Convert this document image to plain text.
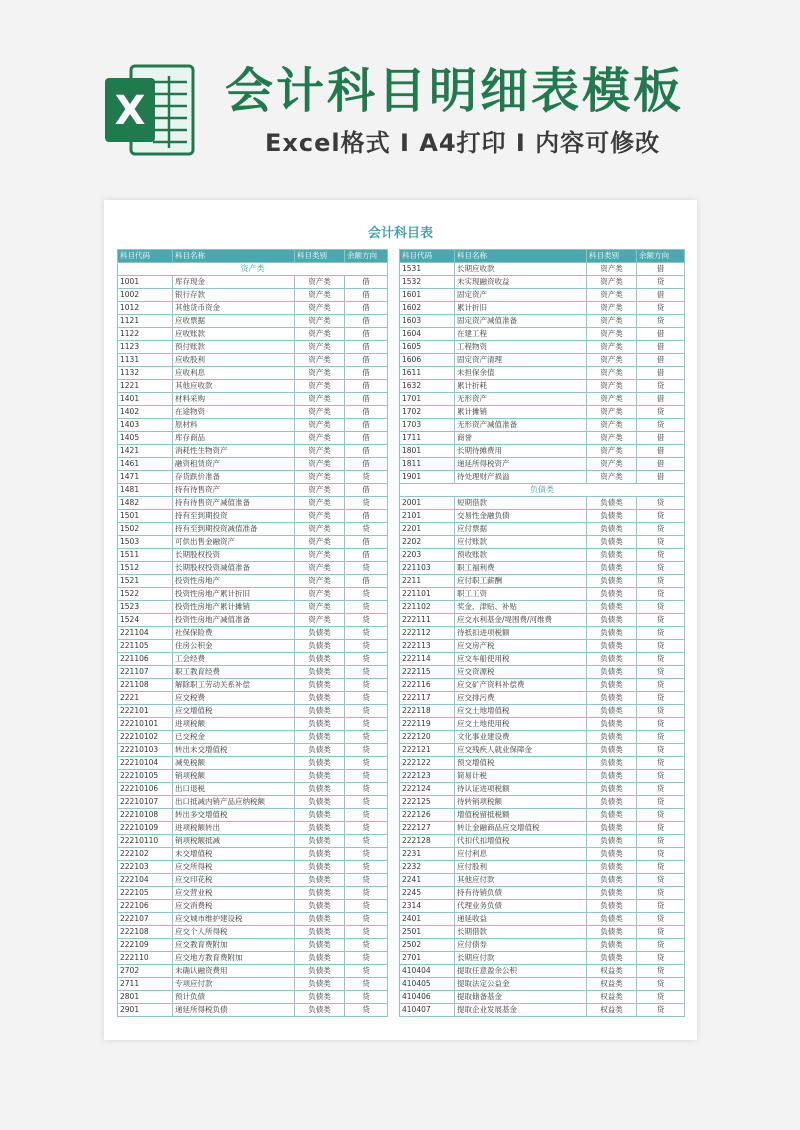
X 会计科目明细表模板
Excel格式 I A4打印 I 内容可修改
会计科目表
科目代码	科目名称	科目类别	余额方向
资产类			
1001	库存现金	资产类	借
1002	银行存款	资产类	借
1012	其他货币资金	资产类	借
1121	应收票据	资产类	借
1122	应收账款	资产类	借
1123	预付账款	资产类	借
1131	应收股利	资产类	借
1132	应收利息	资产类	借
1221	其他应收款	资产类	借
1401	材料采购	资产类	借
1402	在途物资	资产类	借
1403	原材料	资产类	借
1405	库存商品	资产类	借
1421	消耗性生物资产	资产类	借
1461	融资租赁资产	资产类	借
1471	存货跌价准备	资产类	贷
1481	持有待售资产	资产类	借
1482	持有待售资产减值准备	资产类	贷
1501	持有至到期投资	资产类	借
1502	持有至到期投资减值准备	资产类	贷
1503	可供出售金融资产	资产类	借
1511	长期股权投资	资产类	借
1512	长期股权投资减值准备	资产类	贷
1521	投资性房地产	资产类	借
1522	投资性房地产累计折旧	资产类	贷
1523	投资性房地产累计摊销	资产类	贷
1524	投资性房地产减值准备	资产类	贷
221104	社保保险费	负债类	贷
221105	住房公积金	负债类	贷
221106	工会经费	负债类	贷
221107	职工教育经费	负债类	贷
221108	解除职工劳动关系补偿	负债类	贷
2221	应交税费	负债类	贷
222101	应交增值税	负债类	贷
22210101	进项税额	负债类	贷
22210102	已交税金	负债类	贷
22210103	转出未交增值税	负债类	贷
22210104	减免税额	负债类	贷
22210105	销项税额	负债类	贷
22210106	出口退税	负债类	贷
22210107	出口抵减内销产品应纳税额	负债类	贷
22210108	转出多交增值税	负债类	贷
22210109	进项税额转出	负债类	贷
22210110	销项税额抵减	负债类	贷
222102	未交增值税	负债类	贷
222103	应交所得税	负债类	贷
222104	应交印花税	负债类	贷
222105	应交营业税	负债类	贷
222106	应交消费税	负债类	贷
222107	应交城市维护建设税	负债类	贷
222108	应交个人所得税	负债类	贷
222109	应交教育费附加	负债类	贷
222110	应交地方教育费附加	负债类	贷
2702	未确认融资费用	负债类	贷
2711	专项应付款	负债类	贷
2801	预计负债	负债类	贷
2901	递延所得税负债	负债类	贷
科目代码	科目名称	科目类别	余额方向
1531	长期应收款	资产类	借
1532	未实现融资收益	资产类	贷
1601	固定资产	资产类	借
1602	累计折旧	资产类	贷
1603	固定资产减值准备	资产类	贷
1604	在建工程	资产类	借
1605	工程物资	资产类	借
1606	固定资产清理	资产类	借
1611	未担保余值	资产类	借
1632	累计折耗	资产类	贷
1701	无形资产	资产类	借
1702	累计摊销	资产类	贷
1703	无形资产减值准备	资产类	贷
1711	商誉	资产类	借
1801	长期待摊费用	资产类	借
1811	递延所得税资产	资产类	借
1901	待处理财产损溢	资产类	借
负债类			
2001	短期借款	负债类	贷
2101	交易性金融负债	负债类	贷
2201	应付票据	负债类	贷
2202	应付账款	负债类	贷
2203	预收账款	负债类	贷
221103	职工福利费	负债类	贷
2211	应付职工薪酬	负债类	贷
221101	职工工资	负债类	贷
221102	奖金、津贴、补贴	负债类	贷
222111	应交水利基金/堤围费/河维费	负债类	贷
222112	待抵扣进项税额	负债类	贷
222113	应交房产税	负债类	贷
222114	应交车船使用税	负债类	贷
222115	应交资源税	负债类	贷
222116	应交矿产资料补偿费	负债类	贷
222117	应交排污费	负债类	贷
222118	应交土地增值税	负债类	贷
222119	应交土地使用税	负债类	贷
222120	文化事业建设费	负债类	贷
222121	应交残疾人就业保障金	负债类	贷
222122	预交增值税	负债类	贷
222123	简易计税	负债类	贷
222124	待认证进项税额	负债类	贷
222125	待转销项税额	负债类	贷
222126	增值税留抵税额	负债类	贷
222127	转让金融商品应交增值税	负债类	贷
222128	代扣代扣增值税	负债类	贷
2231	应付利息	负债类	贷
2232	应付股利	负债类	贷
2241	其他应付款	负债类	贷
2245	持有待销负债	负债类	贷
2314	代理业务负债	负债类	贷
2401	递延收益	负债类	贷
2501	长期借款	负债类	贷
2502	应付债券	负债类	贷
2701	长期应付款	负债类	贷
410404	提取任意盈余公积	权益类	贷
410405	提取法定公益金	权益类	贷
410406	提取储备基金	权益类	贷
410407	提取企业发展基金	权益类	贷
